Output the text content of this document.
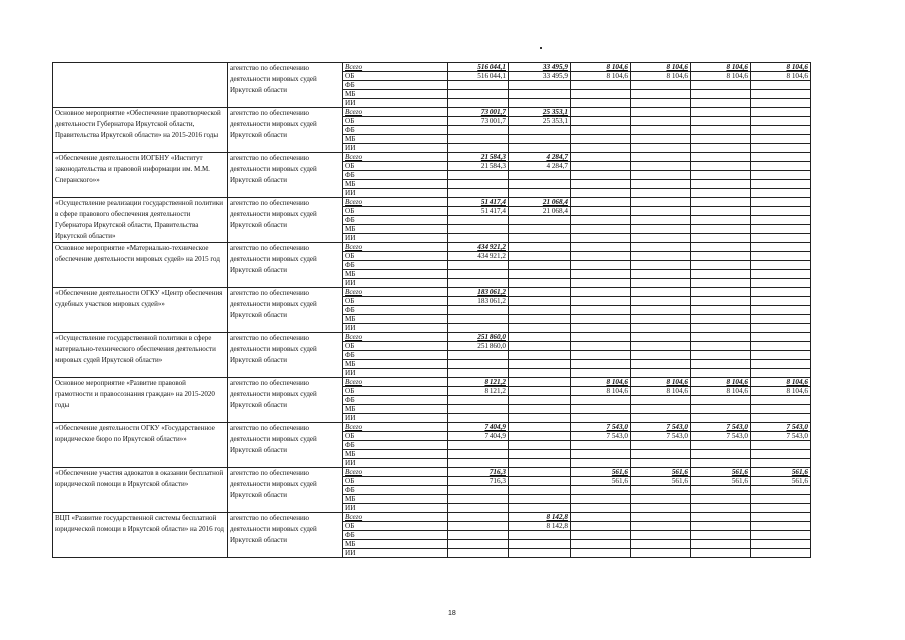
	агентство по обеспечению деятельности мировых судей Иркутской области	Всего	516 044,1	33 495,9	8 104,6	8 104,6	8 104,6	8 104,6
		ОБ	516 044,1	33 495,9	8 104,6	8 104,6	8 104,6	8 104,6
		ФБ						
		МБ						
		ИИ						
Основное мероприятие «Обеспечение правотворческой деятельности Губернатора Иркутской области, Правительства Иркутской области» на 2015-2016 годы	агентство по обеспечению деятельности мировых судей Иркутской области	Всего	73 001,7	25 353,1				
		ОБ	73 001,7	25 353,1				
		ФБ						
		МБ						
		ИИ						
«Обеспечение деятельности ИОГБНУ «Институт законодательства и правовой информации им. М.М. Сперанского»»	агентство по обеспечению деятельности мировых судей Иркутской области	Всего	21 584,3	4 284,7				
		ОБ	21 584,3	4 284,7				
		ФБ						
		МБ						
		ИИ						
«Осуществление реализации государственной политики в сфере правового обеспечения деятельности Губернатора Иркутской области, Правительства Иркутской области»	агентство по обеспечению деятельности мировых судей Иркутской области	Всего	51 417,4	21 068,4				
		ОБ	51 417,4	21 068,4				
		ФБ						
		МБ						
		ИИ						
Основное мероприятие «Материально-техническое обеспечение деятельности мировых судей» на 2015 год	агентство по обеспечению деятельности мировых судей Иркутской области	Всего	434 921,2					
		ОБ	434 921,2					
		ФБ						
		МБ						
		ИИ						
«Обеспечение деятельности ОГКУ «Центр обеспечения судебных участков мировых судей»»	агентство по обеспечению деятельности мировых судей Иркутской области	Всего	183 061,2					
		ОБ	183 061,2					
		ФБ						
		МБ						
		ИИ						
«Осуществление государственной политики в сфере материально-технического обеспечения деятельности мировых судей Иркутской области»	агентство по обеспечению деятельности мировых судей Иркутской области	Всего	251 860,0					
		ОБ	251 860,0					
		ФБ						
		МБ						
		ИИ						
Основное мероприятие «Развитие правовой грамотности и правосознания граждан» на 2015-2020 годы	агентство по обеспечению деятельности мировых судей Иркутской области	Всего	8 121,2		8 104,6	8 104,6	8 104,6	8 104,6
		ОБ	8 121,2		8 104,6	8 104,6	8 104,6	8 104,6
		ФБ						
		МБ						
		ИИ						
«Обеспечение деятельности ОГКУ «Государственное юридическое бюро по Иркутской области»»	агентство по обеспечению деятельности мировых судей Иркутской области	Всего	7 404,9		7 543,0	7 543,0	7 543,0	7 543,0
		ОБ	7 404,9		7 543,0	7 543,0	7 543,0	7 543,0
		ФБ						
		МБ						
		ИИ						
«Обеспечение участия адвокатов в оказании бесплатной юридической помощи в Иркутской области»	агентство по обеспечению деятельности мировых судей Иркутской области	Всего	716,3		561,6	561,6	561,6	561,6
		ОБ	716,3		561,6	561,6	561,6	561,6
		ФБ						
		МБ						
		ИИ						
ВЦП «Развитие государственной системы бесплатной юридической помощи в Иркутской области» на 2016 год	агентство по обеспечению деятельности мировых судей Иркутской области	Всего		8 142,8				
		ОБ		8 142,8				
		ФБ						
		МБ						
		ИИ						
18
